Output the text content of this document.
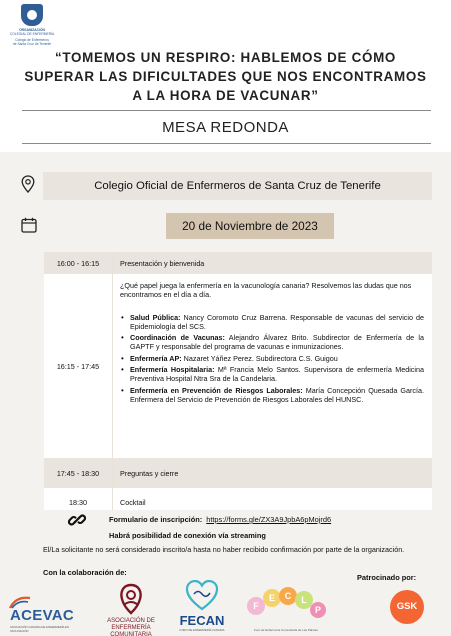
ORGANIZACIÓN
COLEGIAL DE ENFERMERÍA
Colegio de Enfermeros
de Santa Cruz de Tenerife
“TOMEMOS UN RESPIRO: HABLEMOS DE CÓMO
SUPERAR LAS DIFICULTADES QUE NOS ENCONTRAMOS
A LA HORA DE VACUNAR”
MESA REDONDA
Colegio Oficial de Enfermeros de Santa Cruz de Tenerife
20 de Noviembre de 2023
16:00 - 16:15	Presentación y bienvenida
16:15 - 17:45
¿Qué papel juega la enfermería en la vacunología canaria? Resolvemos las dudas que nos encontramos en el día a día.
• Salud Pública: Nancy Coromoto Cruz Barrena. Responsable de vacunas del servicio de Epidemiología del SCS.
• Coordinación de Vacunas: Alejandro Álvarez Brito. Subdirector de Enfermería de la GAPTF y responsable del programa de vacunas e inmunizaciones.
• Enfermería AP: Nazaret Yáñez Perez. Subdirectora C.S. Guigou
• Enfermería Hospitalaria: Mª Francia Melo Santos. Supervisora de enfermería Medicina Preventiva Hospital Ntra Sra de la Candelaria.
• Enfermería en Prevención de Riesgos Laborales: María Concepción Quesada García. Enfermera del Servicio de Prevención de Riesgos Laborales del HUNSC.
17:45 - 18:30	Preguntas y cierre
18:30	Cocktail
Formulario de inscripción: https://forms.gle/ZX3A9JpbA6pMojrd6
Habrá posibilidad de conexión vía streaming
El/La solicitante no será considerado inscrito/a hasta no haber recibido confirmación por parte de la organización.
Con la colaboración de:
Patrocinado por:
ACEVAC
ASOCIACIÓN CANARIA DE ENFERMERÍA EN VACUNACIÓN
ASOCIACIÓN DE
ENFERMERÍA COMUNITARIA
FECAN
FORO DE ENFERMERÍA CANARIA
F
E C L
P
Foro de Enfermería Comunitaria de Las Palmas
GSK
